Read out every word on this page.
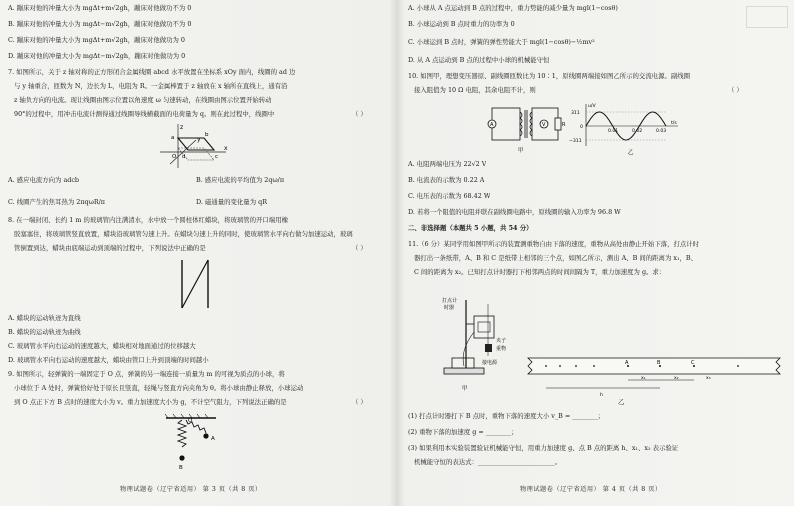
A. 蹦床对他的冲量大小为 mgΔt+m√2gh，蹦床对他做功不为 0
B. 蹦床对他的冲量大小为 mgΔt−m√2gh，蹦床对他做功不为 0
C. 蹦床对他的冲量大小为 mgΔt+m√2gh，蹦床对他做功为 0
D. 蹦床对他的冲量大小为 mgΔt−m√2gh，蹦床对他做功为 0
7. 如图所示，关于 z 轴对称的正方形闭合金属线圈 abcd 水平放置在坐标系 xOy 面内，线圈的 ad 边
与 y 轴重合，匝数为 N，边长为 L，电阻为 R。一金属棒置于 z 轴放在 x 轴所在直线上，通有沿
z 轴负方向的电流。现让线圈由图示位置以角速度 ω 匀速转动，在线圈由图示位置开始转动
90°的过程中，用冲击电流计测得通过线圈导线横截面的电荷量为 q。则在此过程中，线圈中	（ ）
z
x
y
a	b
c
d
O
A. 感应电流方向为 adcb	B. 感应电流的平均值为 2qω/π
C. 线圈产生的焦耳热为 2πqωR/π	D. 磁通量的变化量为 qR
8. 在一端封闭、长约 1 m 的玻璃管内注满清水，水中放一个圆柱体红蜡块，将玻璃管的开口端用橡
胶塞塞住，将玻璃管竖直放置，蜡块沿玻璃管匀速上升。在蜡块匀速上升的同时，使玻璃管水平向右做匀加速运动，玻璃
管倒置到达，蜡块由底端运动到顶端的过程中，下列说法中正确的是	（ ）
A. 蜡块的运动轨迹为直线
B. 蜡块的运动轨迹为曲线
C. 玻璃管水平向右运动的速度越大，蜡块相对地面通过的位移越大
D. 玻璃管水平向右运动的速度越大，蜡块由管口上升到顶端的时间越小
9. 如图所示，轻弹簧的一端固定于 O 点，弹簧的另一端连接一质量为 m 的可视为质点的小球，将
小球位于 A 处时，弹簧恰好处于原长且竖直，轻绳与竖直方向夹角为 θ。将小球由静止释放，小球运动
到 O 点正下方 B 点时的速度大小为 v。重力加速度大小为 g，不计空气阻力，下列说法正确的是	（ ）
O
A
B
物理试题卷（辽宁省适用） 第 3 页（共 8 页）
A. 小球从 A 点运动到 B 点的过程中，重力势能的减少量为 mgl(1−cosθ)
B. 小球运动到 B 点时重力的功率为 0
C. 小球运到 B 点时，弹簧的弹性势能大于 mgl(1−cosθ)−½mv²
D. 从 A 点运动到 B 点的过程中小球的机械能守恒
10. 如图甲，理想变压器原、副线圈匝数比为 10∶1，原线圈两端接如图乙所示的交流电源。副线圈
接入阻值为 10 Ω 电阻，其余电阻不计，则	（ ）
A	V	R
甲
u/V
t/s
311
0
−311
0.01	0.02	0.03
乙
A. 电阻两端电压为 22√2 V
B. 电流表的示数为 0.22 A
C. 电压表的示数为 68.42 W
D. 若将一个阻值的电阻并联在副线圈电路中，原线圈的输入功率为 96.8 W
二、非选择题（本题共 5 小题，共 54 分）
11.（6 分）某同学用如图甲所示的装置测重物自由下落的速度，重物从高处由静止开始下落，打点计时
器打出一条纸带，A、B 和 C 是纸带上相邻的三个点，如图乙所示，测出 A、B 间的距离为 x₁，B、
C 间的距离为 x₂。已知打点计时器打下相邻两点的时间间隔为 T，重力加速度为 g。求：
打点计
时器
夹子
重物
接电源
甲
A	B	C
x₁	x₂	x₃
h
乙
(1) 打点计时器打下 B 点时，重物下落的速度大小 v_B = ________；
(2) 重物下落的加速度 g = ________；
(3) 如果利用本实验装置验证机械能守恒，用重力加速度 g、点 B 点的距离 h、x₁、x₃ 表示验证
机械能守恒的表达式：________________________。
物理试题卷（辽宁省适用） 第 4 页（共 8 页）
